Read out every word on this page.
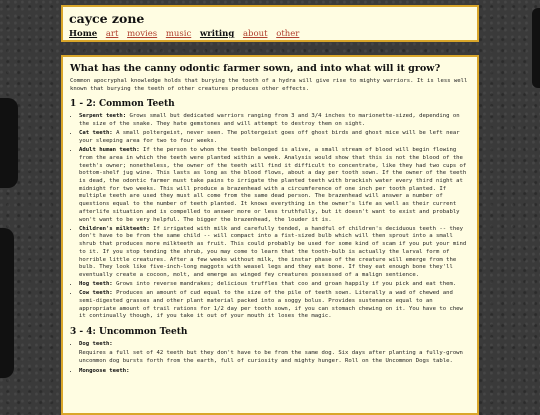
cayce zone
Home art movies music writing about other
What has the canny odontic farmer sown, and into what will it grow?

Common apocryphal knowledge holds that burying the tooth of a hydra will give rise to mighty warriors. It is less well known that burying the teeth of other creatures produces other effects.

1 - 2: Common Teeth
• Serpent teeth: Grows small but dedicated warriors ranging from 3 and 3/4 inches to marionette-sized, depending on the size of the snake. They hate gemstones and will attempt to destroy them on sight.
• Cat teeth: A small poltergeist, never seen. The poltergeist goes off ghost birds and ghost mice will be left near your sleeping area for two to four weeks.
• Adult human teeth: If the person to whom the teeth belonged is alive, a small stream of blood will begin flowing from the area in which the teeth were planted within a week. Analysis would show that this is not the blood of the teeth's owner; nonetheless, the owner of the teeth will find it difficult to concentrate, like they had two cups of bottom-shelf jug wine. This lasts as long as the blood flows, about a day per tooth sown. If the owner of the teeth is dead, the odontic farmer must take pains to irrigate the planted teeth with brackish water every third night at midnight for two weeks. This will produce a brazenhead with a circumference of one inch per tooth planted. If multiple teeth are used they must all come from the same dead person. The brazenhead will answer a number of questions equal to the number of teeth planted. It knows everything in the owner's life as well as their current afterlife situation and is compelled to answer more or less truthfully, but it doesn't want to exist and probably won't want to be very helpful. The bigger the brazenhead, the louder it is.
• Children's milkteeth: If irrigated with milk and carefully tended, a handful of children's deciduous teeth -- they don't have to be from the same child -- will compact into a fist-sized bulb which will then sprout into a small shrub that produces more milkteeth as fruit. This could probably be used for some kind of scam if you put your mind to it. If you stop tending the shrub, you may come to learn that the tooth-bulb is actually the larval form of horrible little creatures. After a few weeks without milk, the instar phase of the creature will emerge from the bulb. They look like five-inch-long maggots with weasel legs and they eat bone. If they eat enough bone they'll eventually create a cocoon, molt, and emerge as winged fey creatures possessed of a malign sentience.
• Hog teeth: Grows into reverse mandrakes; delicious truffles that coo and groan happily if you pick and eat them.
• Cow teeth: Produces an amount of cud equal to the size of the pile of teeth sown. Literally a wad of chewed and semi-digested grasses and other plant material packed into a soggy bolus. Provides sustenance equal to an appropriate amount of trail rations for 1/2 day per tooth sown, if you can stomach chewing on it. You have to chew it continually though, if you take it out of your mouth it loses the magic.
3 - 4: Uncommon Teeth
• Dog teeth:
Requires a full set of 42 teeth but they don't have to be from the same dog. Six days after planting a fully-grown uncommon dog bursts forth from the earth, full of curiosity and mighty hunger. Roll on the Uncommon Dogs table.
• Mongoose teeth:
